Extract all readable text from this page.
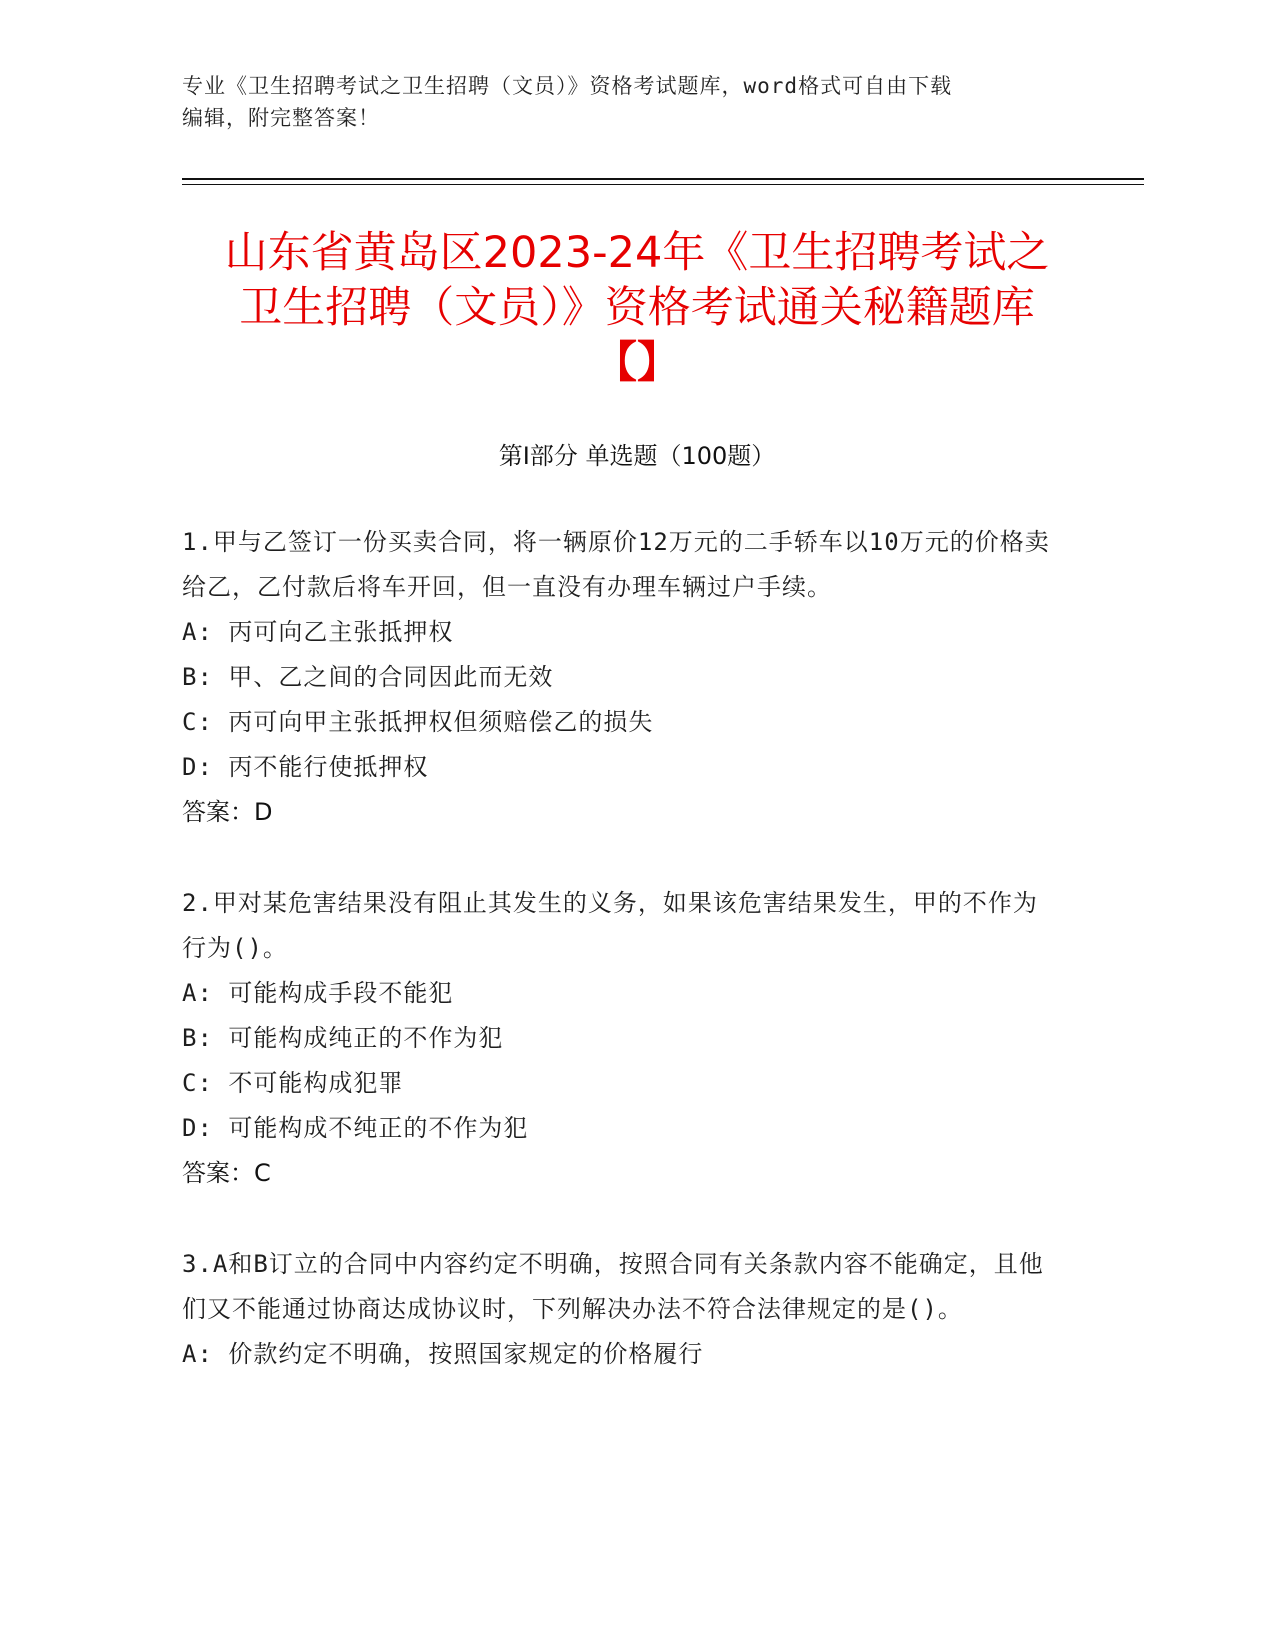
专业《卫生招聘考试之卫生招聘（文员）》资格考试题库，word格式可自由下载
编辑，附完整答案！
山东省黄岛区2023-24年《卫生招聘考试之
卫生招聘（文员）》资格考试通关秘籍题库
【】
第Ⅰ部分 单选题（100题）
1.甲与乙签订一份买卖合同，将一辆原价12万元的二手轿车以10万元的价格卖给乙，乙付款后将车开回，但一直没有办理车辆过户手续。
A: 丙可向乙主张抵押权
B: 甲、乙之间的合同因此而无效
C: 丙可向甲主张抵押权但须赔偿乙的损失
D: 丙不能行使抵押权
答案：D
2.甲对某危害结果没有阻止其发生的义务，如果该危害结果发生，甲的不作为行为()。
A: 可能构成手段不能犯
B: 可能构成纯正的不作为犯
C: 不可能构成犯罪
D: 可能构成不纯正的不作为犯
答案：C
3.A和B订立的合同中内容约定不明确，按照合同有关条款内容不能确定，且他们又不能通过协商达成协议时，下列解决办法不符合法律规定的是()。
A: 价款约定不明确，按照国家规定的价格履行
